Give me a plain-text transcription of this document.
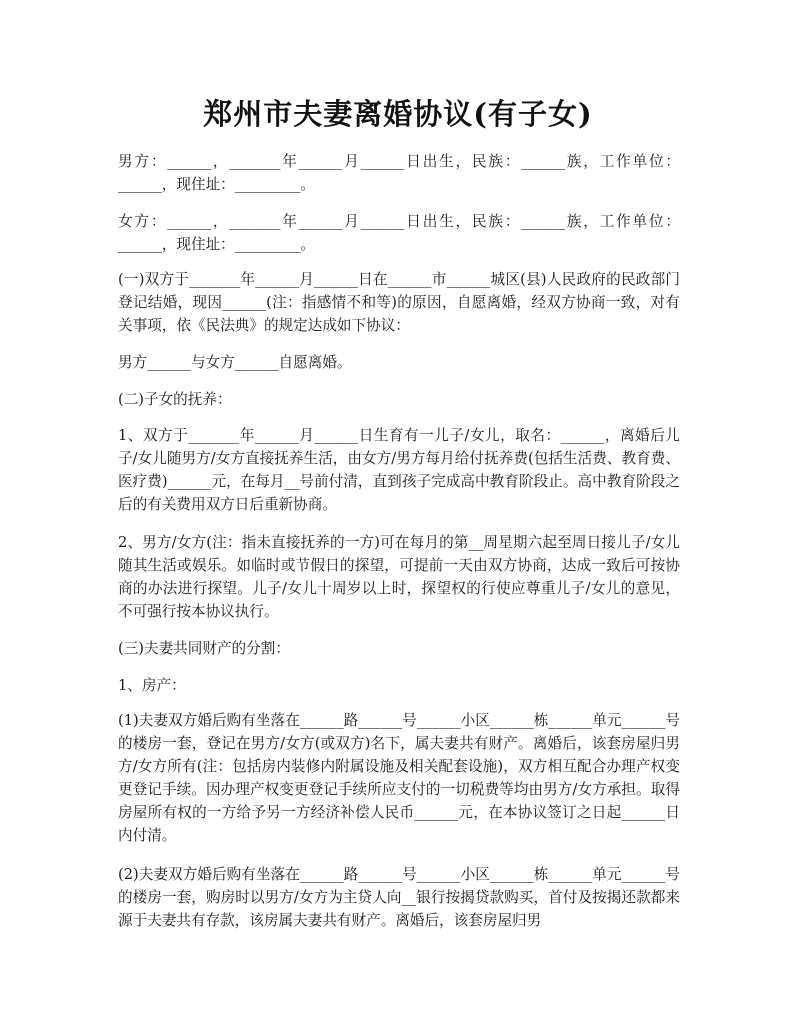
郑州市夫妻离婚协议(有子女)

男方：______，_______年______月______日出生，民族：______族，工作单位：______，现住址：_________。

女方：______，_______年______月______日出生，民族：______族，工作单位：______，现住址：_________。

(一)双方于_______年______月______日在______市______城区(县)人民政府的民政部门登记结婚，现因______(注：指感情不和等)的原因，自愿离婚，经双方协商一致，对有关事项，依《民法典》的规定达成如下协议：

男方______与女方______自愿离婚。

(二)子女的抚养：

1、双方于_______年______月______日生育有一儿子/女儿，取名：______，离婚后儿子/女儿随男方/女方直接抚养生活，由女方/男方每月给付抚养费(包括生活费、教育费、医疗费)______元，在每月__号前付清，直到孩子完成高中教育阶段止。高中教育阶段之后的有关费用双方日后重新协商。

2、男方/女方(注：指未直接抚养的一方)可在每月的第__周星期六起至周日接儿子/女儿随其生活或娱乐。如临时或节假日的探望，可提前一天由双方协商，达成一致后可按协商的办法进行探望。儿子/女儿十周岁以上时，探望权的行使应尊重儿子/女儿的意见，不可强行按本协议执行。

(三)夫妻共同财产的分割：

1、房产：

(1)夫妻双方婚后购有坐落在______路______号______小区______栋______单元______号的楼房一套，登记在男方/女方(或双方)名下，属夫妻共有财产。离婚后，该套房屋归男方/女方所有(注：包括房内装修内附属设施及相关配套设施)，双方相互配合办理产权变更登记手续。因办理产权变更登记手续所应支付的一切税费等均由男方/女方承担。取得房屋所有权的一方给予另一方经济补偿人民币______元，在本协议签订之日起______日内付清。

(2)夫妻双方婚后购有坐落在______路______号______小区______栋______单元______号的楼房一套，购房时以男方/女方为主贷人向__银行按揭贷款购买，首付及按揭还款都来源于夫妻共有存款，该房属夫妻共有财产。离婚后，该套房屋归男
